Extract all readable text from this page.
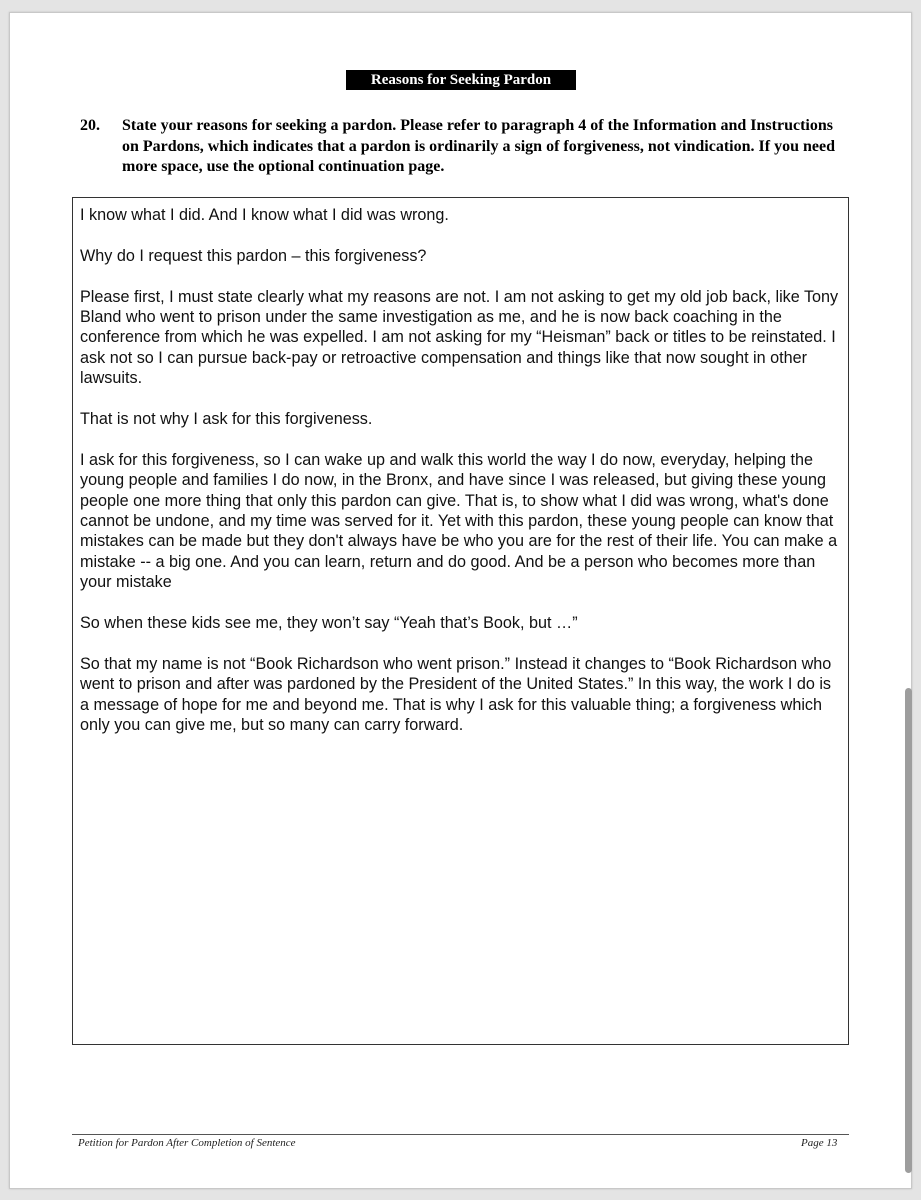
Reasons for Seeking Pardon
20. State your reasons for seeking a pardon. Please refer to paragraph 4 of the Information and Instructions on Pardons, which indicates that a pardon is ordinarily a sign of forgiveness, not vindication. If you need more space, use the optional continuation page.

I know what I did. And I know what I did was wrong.

Why do I request this pardon – this forgiveness?

Please first, I must state clearly what my reasons are not. I am not asking to get my old job back, like Tony Bland who went to prison under the same investigation as me, and he is now back coaching in the conference from which he was expelled. I am not asking for my “Heisman” back or titles to be reinstated. I ask not so I can pursue back-pay or retroactive compensation and things like that now sought in other lawsuits.

That is not why I ask for this forgiveness.

I ask for this forgiveness, so I can wake up and walk this world the way I do now, everyday, helping the young people and families I do now, in the Bronx, and have since I was released, but giving these young people one more thing that only this pardon can give. That is, to show what I did was wrong, what's done cannot be undone, and my time was served for it. Yet with this pardon, these young people can know that mistakes can be made but they don't always have be who you are for the rest of their life. You can make a mistake -- a big one. And you can learn, return and do good. And be a person who becomes more than your mistake

So when these kids see me, they won’t say “Yeah that’s Book, but …”

So that my name is not “Book Richardson who went prison.” Instead it changes to “Book Richardson who went to prison and after was pardoned by the President of the United States.” In this way, the work I do is a message of hope for me and beyond me. That is why I ask for this valuable thing; a forgiveness which only you can give me, but so many can carry forward.

Petition for Pardon After Completion of Sentence	Page 13
